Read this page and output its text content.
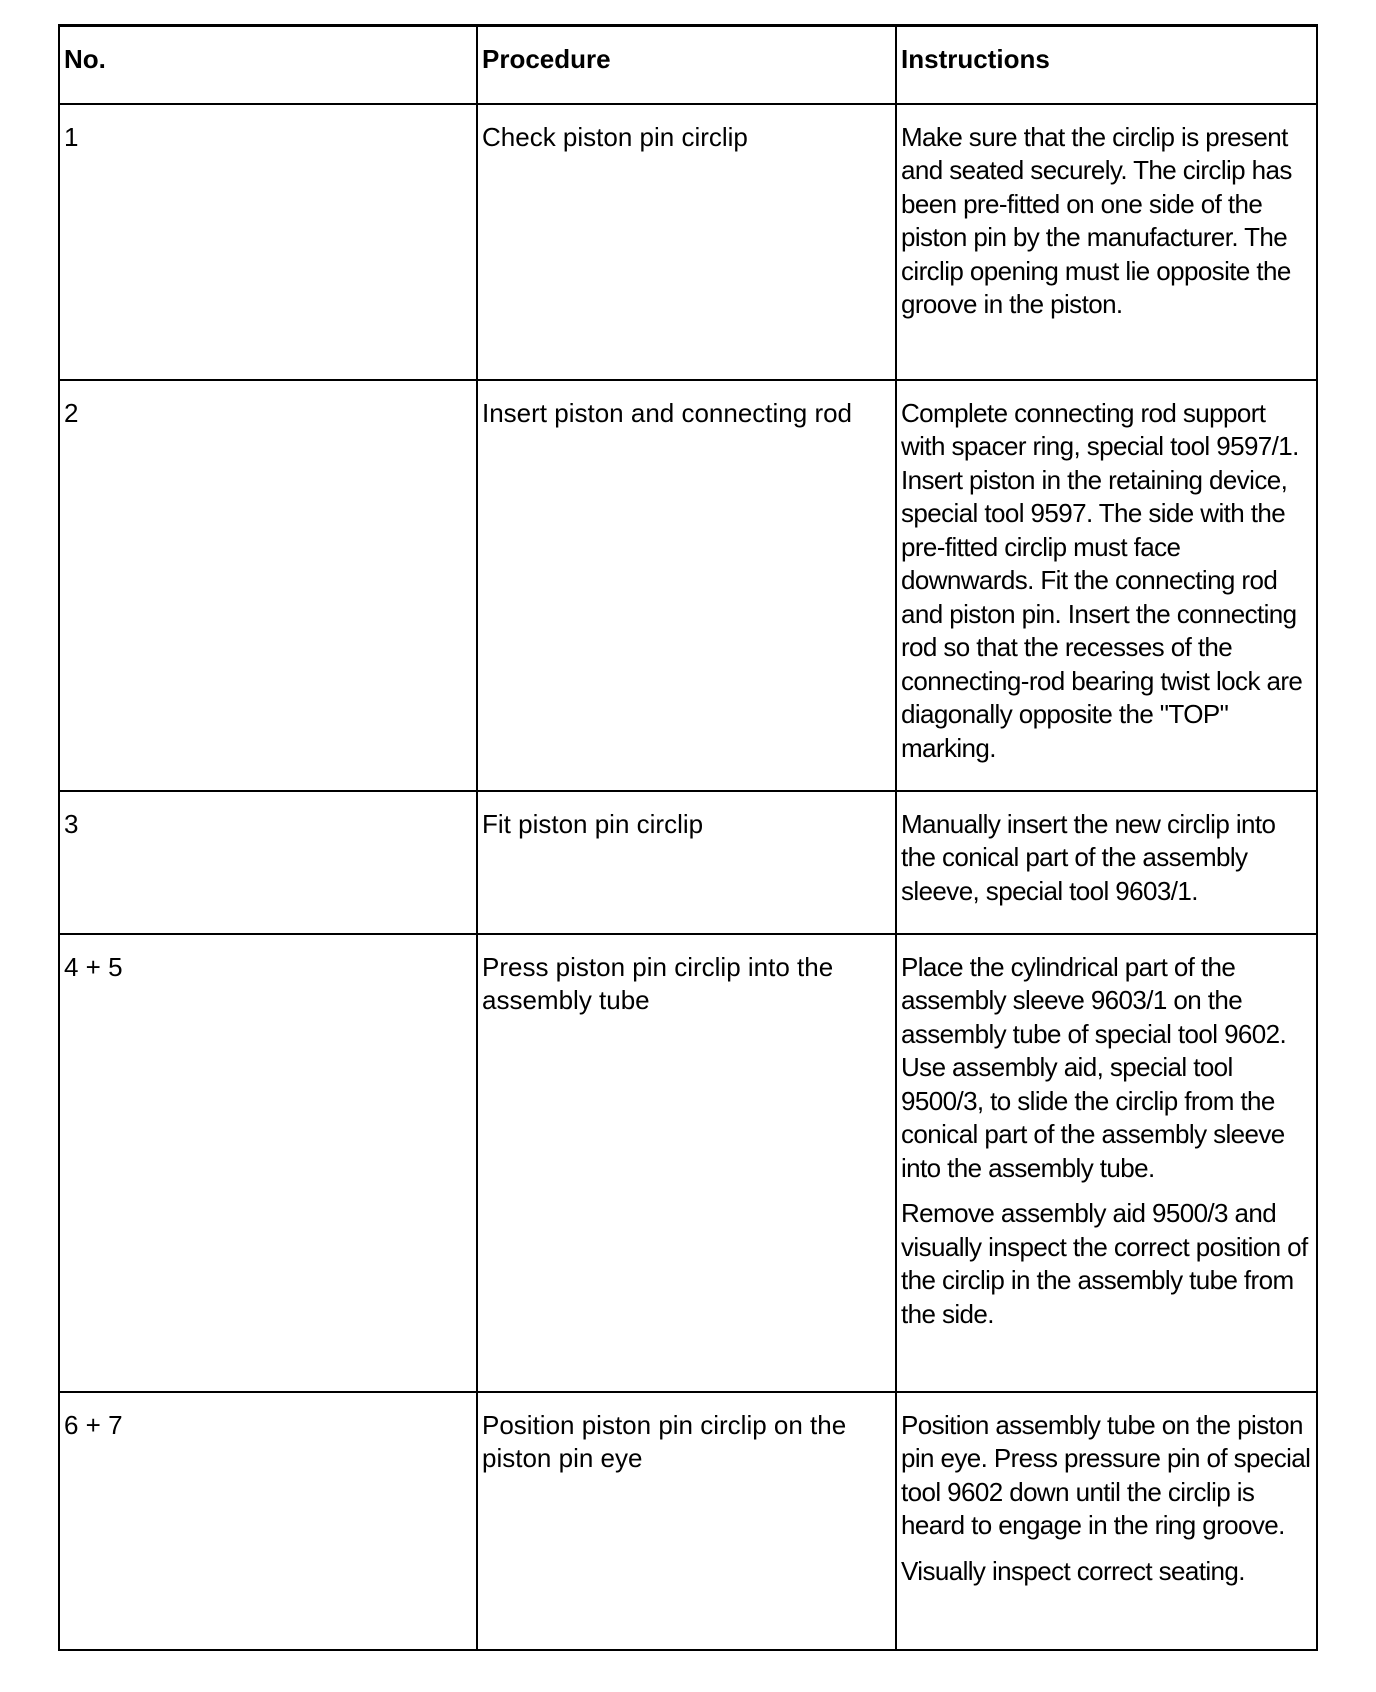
No.	Procedure	Instructions
1	Check piston pin circlip	Make sure that the circlip is present and seated securely. The circlip has been pre-fitted on one side of the piston pin by the manufacturer. The circlip opening must lie opposite the groove in the piston.

2	Insert piston and connecting rod	Complete connecting rod support with spacer ring, special tool 9597/1. Insert piston in the retaining device, special tool 9597. The side with the pre-fitted circlip must face downwards. Fit the connecting rod and piston pin. Insert the connecting rod so that the recesses of the connecting-rod bearing twist lock are diagonally opposite the "TOP" marking.

3	Fit piston pin circlip	Manually insert the new circlip into the conical part of the assembly sleeve, special tool 9603/1.

4 + 5	Press piston pin circlip into the assembly tube	Place the cylindrical part of the assembly sleeve 9603/1 on the assembly tube of special tool 9602. Use assembly aid, special tool 9500/3, to slide the circlip from the conical part of the assembly sleeve into the assembly tube.

Remove assembly aid 9500/3 and visually inspect the correct position of the circlip in the assembly tube from the side.

6 + 7	Position piston pin circlip on the piston pin eye	Position assembly tube on the piston pin eye. Press pressure pin of special tool 9602 down until the circlip is heard to engage in the ring groove.

Visually inspect correct seating.
